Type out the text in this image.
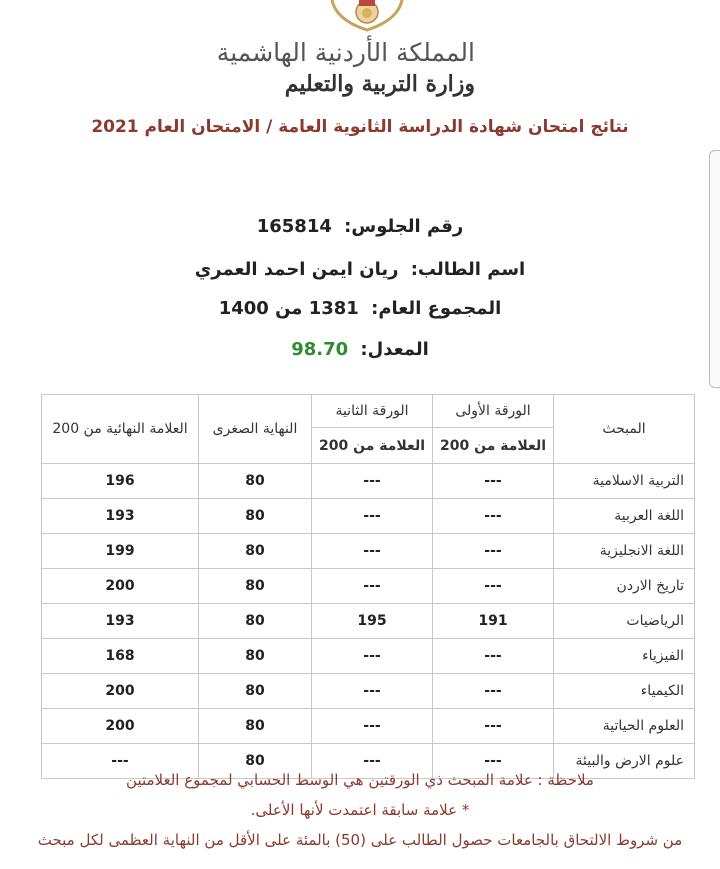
المملكة الأردنية الهاشمية
وزارة التربية والتعليم
نتائج امتحان شهادة الدراسة الثانوية العامة / الامتحان العام 2021
رقم الجلوس: 165814
اسم الطالب: ريان ايمن احمد العمري
المجموع العام: 1381 من 1400
المعدل: 98.70
المبحث	الورقة الأولى	الورقة الثانية	النهاية الصغرى	العلامة النهائية من 200
	العلامة من 200	العلامة من 200		
التربية الاسلامية	---	---	80	196
اللغة العربية	---	---	80	193
اللغة الانجليزية	---	---	80	199
تاريخ الاردن	---	---	80	200
الرياضيات	191	195	80	193
الفيزياء	---	---	80	168
الكيمياء	---	---	80	200
العلوم الحياتية	---	---	80	200
علوم الارض والبيئة	---	---	80	---
ملاحظة : علامة المبحث ذي الورقتين هي الوسط الحسابي لمجموع العلامتين
* علامة سابقة اعتمدت لأنها الأعلى.
من شروط الالتحاق بالجامعات حصول الطالب على (50) بالمئة على الأقل من النهاية العظمى لكل مبحث
